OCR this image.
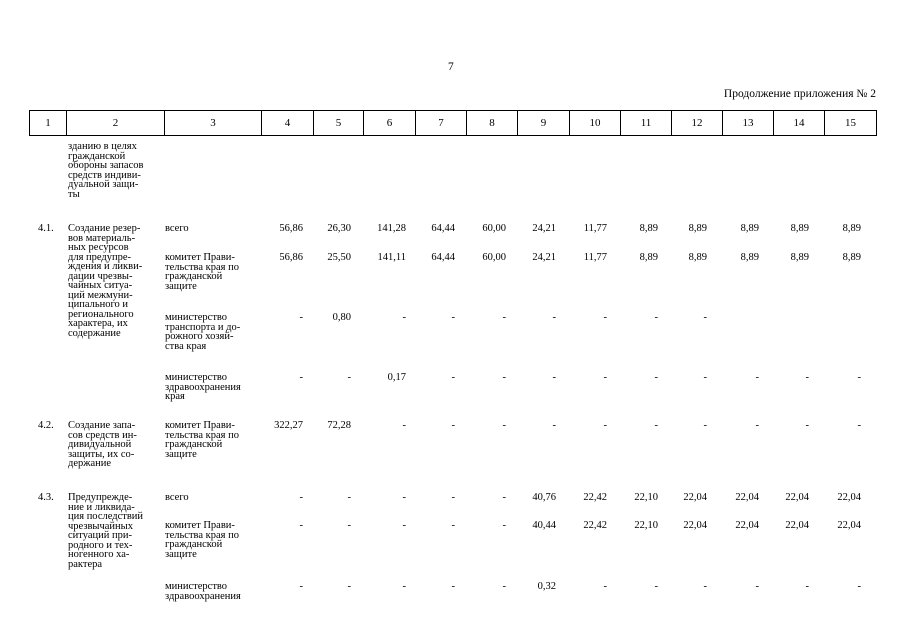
7
Продолжение приложения № 2
1	2	3	4	5	6	7	8	9	10	11	12	13	14	15
зданию в целях
гражданской
обороны запасов
средств индиви-
дуальной защи-
ты
4.1. Создание резер-
вов материаль-
ных ресурсов
для предупре-
ждения и ликви-
дации чрезвы-
чайных ситуа-
ций межмуни-
ципального и
регионального
характера, их
содержание
всего	56,86	26,30	141,28	64,44	60,00	24,21	11,77	8,89	8,89	8,89	8,89	8,89
комитет Прави-
тельства края по
гражданской
защите
56,86	25,50	141,11	64,44	60,00	24,21	11,77	8,89	8,89	8,89	8,89	8,89
министерство
транспорта и до-
рожного хозяй-
ства края
-	0,80	-	-	-	-	-	-	-
министерство
здравоохранения
края
-	-	0,17	-	-	-	-	-	-	-	-	-
4.2. Создание запа-
сов средств ин-
дивидуальной
защиты, их со-
держание
комитет Прави-
тельства края по
гражданской
защите
322,27	72,28	-	-	-	-	-	-	-	-	-	-
4.3. Предупрежде-
ние и ликвида-
ция последствий
чрезвычайных
ситуаций при-
родного и тех-
ногенного ха-
рактера
всего	-	-	-	-	-	40,76	22,42	22,10	22,04	22,04	22,04	22,04
комитет Прави-
тельства края по
гражданской
защите
-	-	-	-	-	40,44	22,42	22,10	22,04	22,04	22,04	22,04
министерство
здравоохранения
-	-	-	-	-	0,32	-	-	-	-	-	-
